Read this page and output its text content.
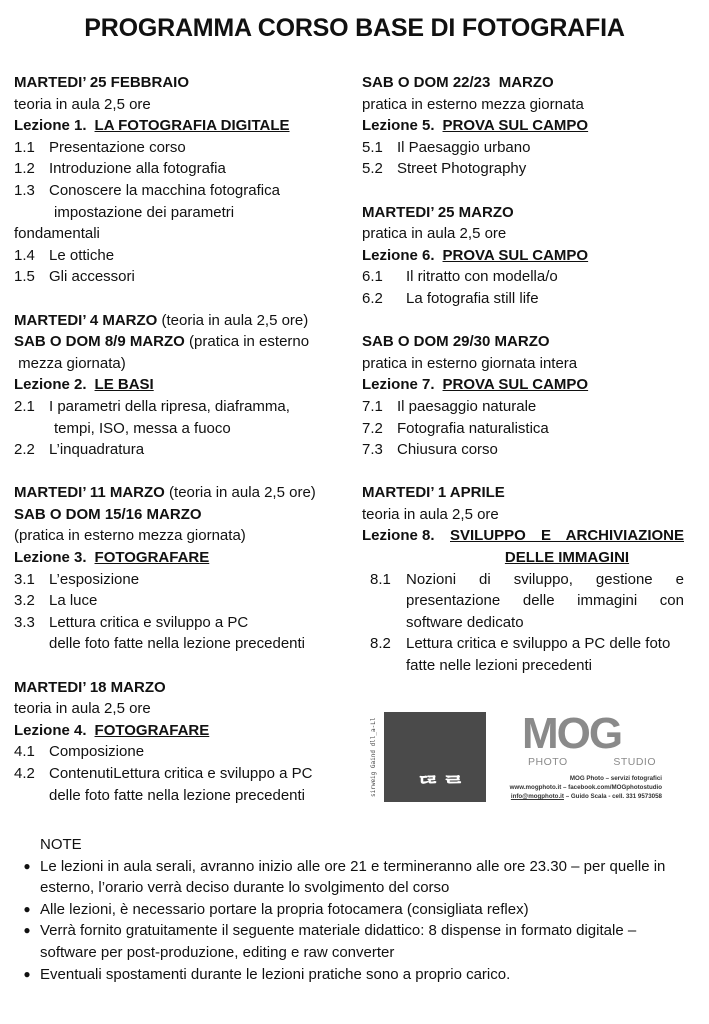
PROGRAMMA CORSO BASE DI FOTOGRAFIA
MARTEDI’ 25 FEBBRAIO
teoria in aula 2,5 ore
Lezione 1. LA FOTOGRAFIA DIGITALE
1.1 Presentazione corso
1.2 Introduzione alla fotografia
1.3 Conoscere la macchina fotografica
impostazione dei parametri
fondamentali
1.4 Le ottiche
1.5 Gli accessori
MARTEDI’ 4 MARZO (teoria in aula 2,5 ore)
SAB O DOM 8/9 MARZO (pratica in esterno
mezza giornata)
Lezione 2. LE BASI
2.1 I parametri della ripresa, diaframma,
tempi, ISO, messa a fuoco
2.2 L’inquadratura
MARTEDI’ 11 MARZO (teoria in aula 2,5 ore)
SAB O DOM 15/16 MARZO
(pratica in esterno mezza giornata)
Lezione 3. FOTOGRAFARE
3.1 L’esposizione
3.2 La luce
3.3 Lettura critica e sviluppo a PC
delle foto fatte nella lezione precedenti
MARTEDI’ 18 MARZO
teoria in aula 2,5 ore
Lezione 4. FOTOGRAFARE
4.1 Composizione
4.2 ContenutiLettura critica e sviluppo a PC
delle foto fatte nella lezione precedenti
SAB O DOM 22/23  MARZO
pratica in esterno mezza giornata
Lezione 5. PROVA SUL CAMPO
5.1 Il Paesaggio urbano
5.2 Street Photography
MARTEDI’ 25 MARZO
pratica in aula 2,5 ore
Lezione 6. PROVA SUL CAMPO
6.1	Il ritratto con modella/o
6.2	La fotografia still life
SAB O DOM 29/30 MARZO
pratica in esterno giornata intera
Lezione 7. PROVA SUL CAMPO
7.1 Il paesaggio naturale
7.2 Fotografia naturalistica
7.3 Chiusura corso
MARTEDI’ 1 APRILE
teoria in aula 2,5 ore
Lezione 8.	SVILUPPO E ARCHIVIAZIONE DELLE IMMAGINI
8.1	Nozioni di sviluppo, gestione e presentazione delle immagini con software dedicato
8.2	Lettura critica e sviluppo a PC delle foto fatte nelle lezioni precedenti
sirweig Gaind dll_a-Ll ᄃᄅᄅ
MOG
PHOTO	STUDIO
MOG Photo – servizi fotografici
www.mogphoto.it – facebook.com/MOGphotostudio
info@mogphoto.it – Guido Scala - cell. 331 9573058
NOTE
● Le lezioni in aula serali, avranno inizio alle ore 21 e termineranno alle ore 23.30 – per quelle in esterno, l’orario verrà deciso durante lo svolgimento del corso
● Alle lezioni, è necessario portare la propria fotocamera (consigliata reflex)
● Verrà fornito gratuitamente il seguente materiale didattico: 8 dispense in formato digitale – software per post-produzione, editing e raw converter
● Eventuali spostamenti durante le lezioni pratiche sono a proprio carico.
